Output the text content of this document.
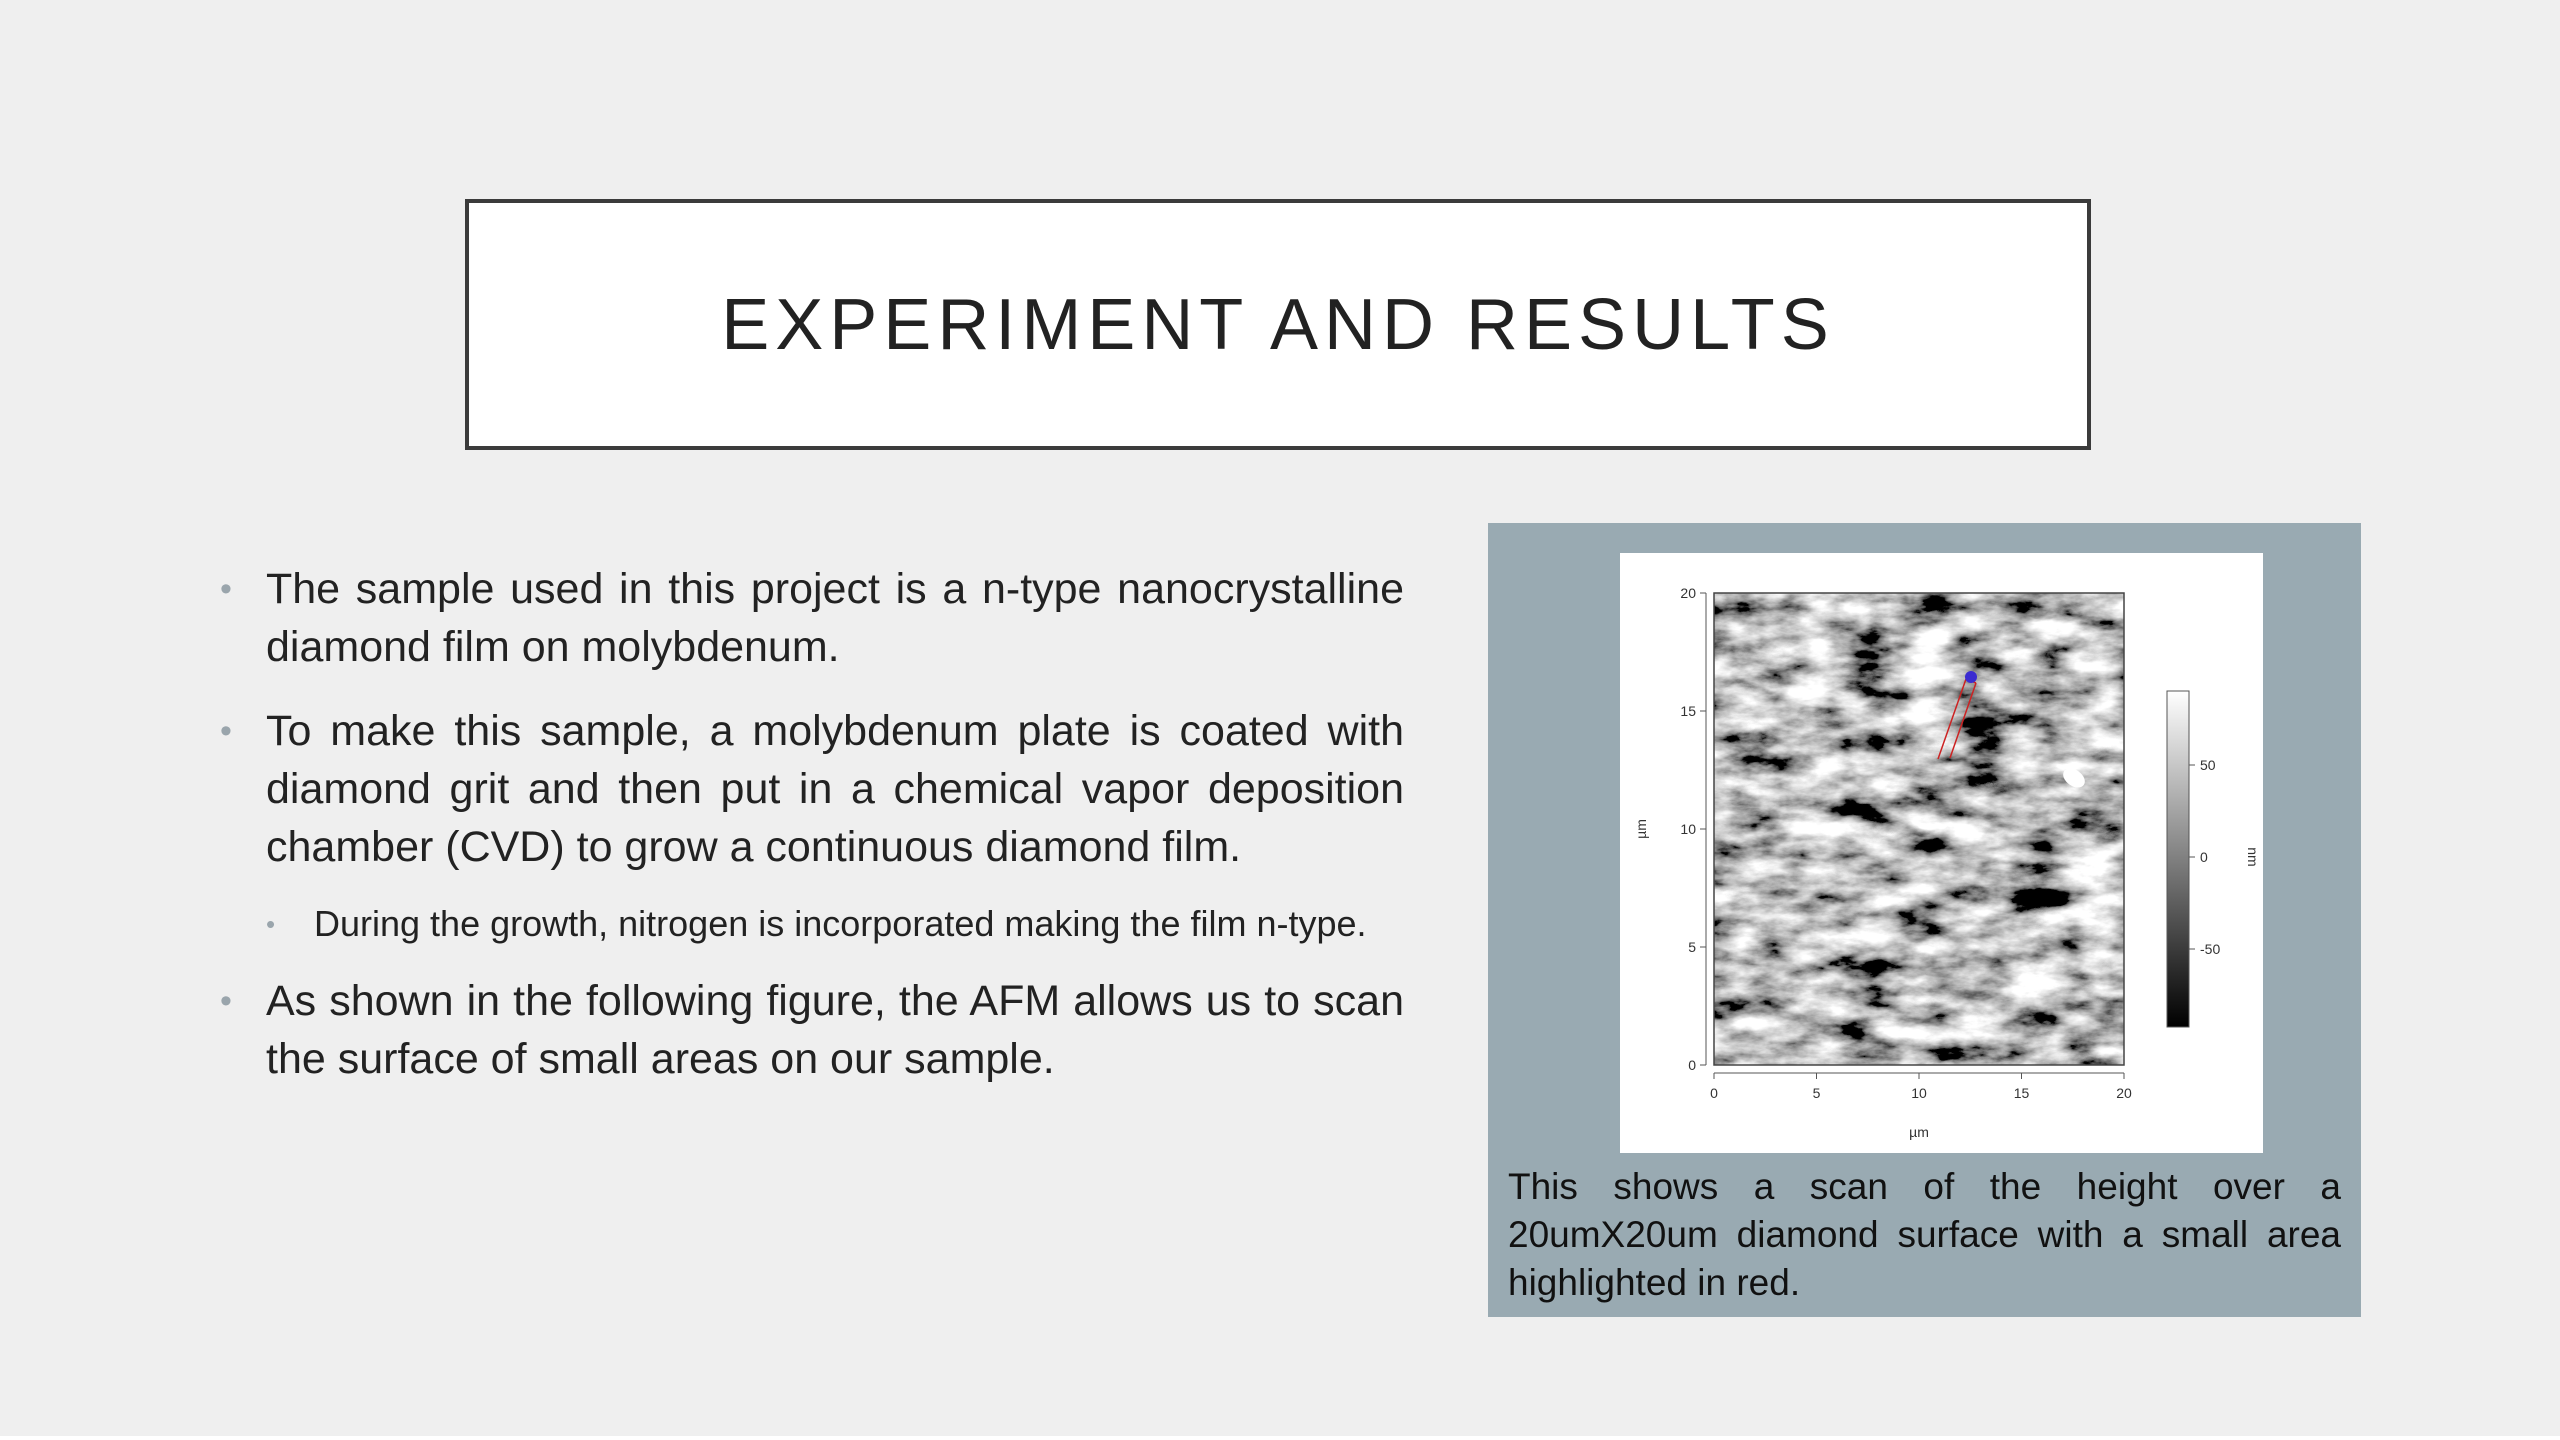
EXPERIMENT AND RESULTS
• The sample used in this project is a n-type nanocrystalline diamond film on molybdenum.
• To make this sample, a molybdenum plate is coated with diamond grit and then put in a chemical vapor deposition chamber (CVD) to grow a continuous diamond film.
• During the growth, nitrogen is incorporated making the film n-type.
• As shown in the following figure, the AFM allows us to scan the surface of small areas on our sample.	0
5
10
15
20
µm
0	5	10	15	20
µm
50
0
-50
nm
This shows a scan of the height over a 20umX20um diamond surface with a small area highlighted in red.
